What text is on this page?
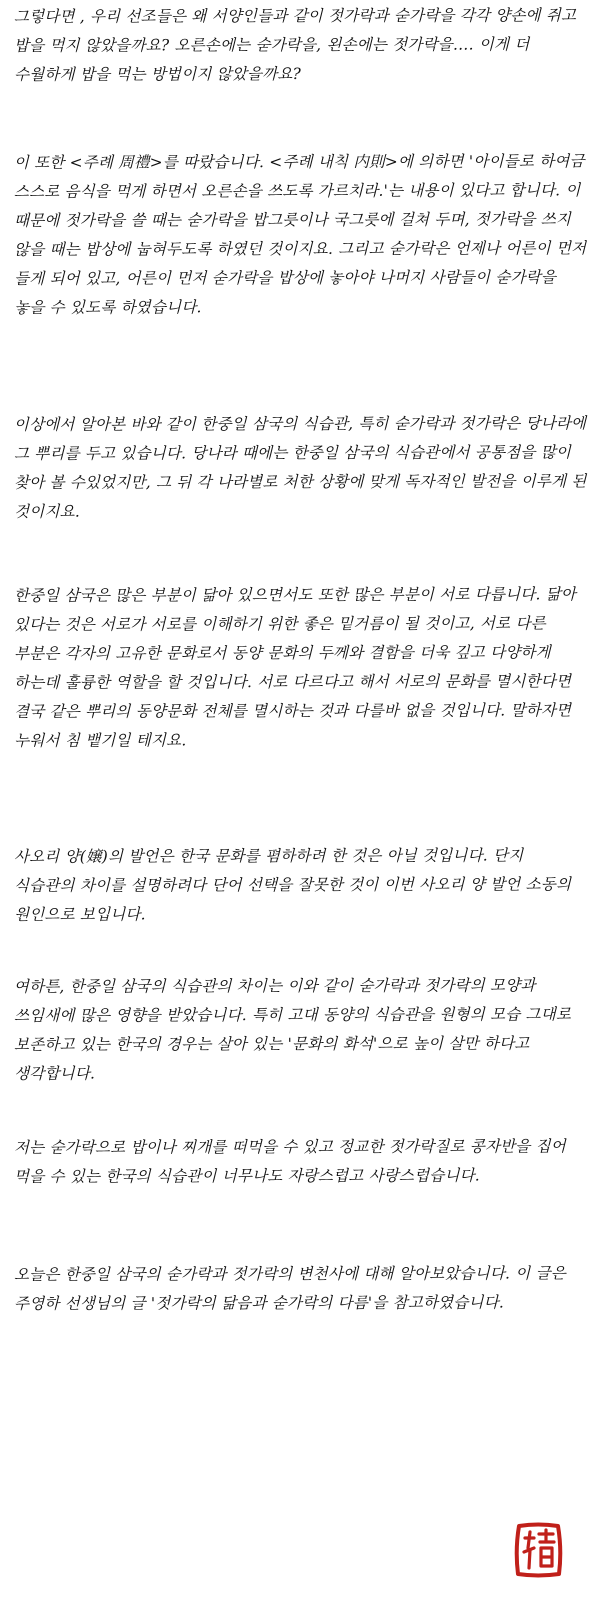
그렇다면 , 우리 선조들은 왜 서양인들과 같이 젓가락과 숟가락을 각각 양손에 쥐고 밥을 먹지 않았을까요? 오른손에는 숟가락을, 왼손에는 젓가락을…. 이게 더 수월하게 밥을 먹는 방법이지 않았을까요?
이 또한 <주례 周禮>를 따랐습니다. <주례 내칙 内則>에 의하면 '아이들로 하여금 스스로 음식을 먹게 하면서 오른손을 쓰도록 가르치라.'는 내용이 있다고 합니다. 이 때문에 젓가락을 쓸 때는 숟가락을 밥그릇이나 국그릇에 걸쳐 두며, 젓가락을 쓰지 않을 때는 밥상에 눕혀두도록 하였던 것이지요. 그리고 숟가락은 언제나 어른이 먼저 들게 되어 있고, 어른이 먼저 숟가락을 밥상에 놓아야 나머지 사람들이 숟가락을 놓을 수 있도록 하였습니다.
이상에서 알아본 바와 같이 한중일 삼국의 식습관, 특히 숟가락과 젓가락은 당나라에 그 뿌리를 두고 있습니다. 당나라 때에는 한중일 삼국의 식습관에서 공통점을 많이 찾아 볼 수있었지만, 그 뒤 각 나라별로 처한 상황에 맞게 독자적인 발전을 이루게 된 것이지요.
한중일 삼국은 많은 부분이 닮아 있으면서도 또한 많은 부분이 서로 다릅니다. 닮아 있다는 것은 서로가 서로를 이해하기 위한 좋은 밑거름이 될 것이고, 서로 다른 부분은 각자의 고유한 문화로서 동양 문화의 두께와 결함을 더욱 깊고 다양하게 하는데 훌륭한 역할을 할 것입니다. 서로 다르다고 해서 서로의 문화를 멸시한다면 결국 같은 뿌리의 동양문화 전체를 멸시하는 것과 다를바 없을 것입니다. 말하자면 누워서 침 뱉기일 테지요.
사오리 양(嬢)의 발언은 한국 문화를 폄하하려 한 것은 아닐 것입니다. 단지 식습관의 차이를 설명하려다 단어 선택을 잘못한 것이 이번 사오리 양 발언 소동의 원인으로 보입니다.
여하튼, 한중일 삼국의 식습관의 차이는 이와 같이 숟가락과 젓가락의 모양과 쓰임새에 많은 영향을 받았습니다. 특히 고대 동양의 식습관을 원형의 모습 그대로 보존하고 있는 한국의 경우는 살아 있는 '문화의 화석'으로 높이 살만 하다고 생각합니다.
저는 숟가락으로 밥이나 찌개를 떠먹을 수 있고 정교한 젓가락질로 콩자반을 집어 먹을 수 있는 한국의 식습관이 너무나도 자랑스럽고 사랑스럽습니다.
오늘은 한중일 삼국의 숟가락과 젓가락의 변천사에 대해 알아보았습니다. 이 글은 주영하 선생님의 글 '젓가락의 닮음과 숟가락의 다름'을 참고하였습니다.
